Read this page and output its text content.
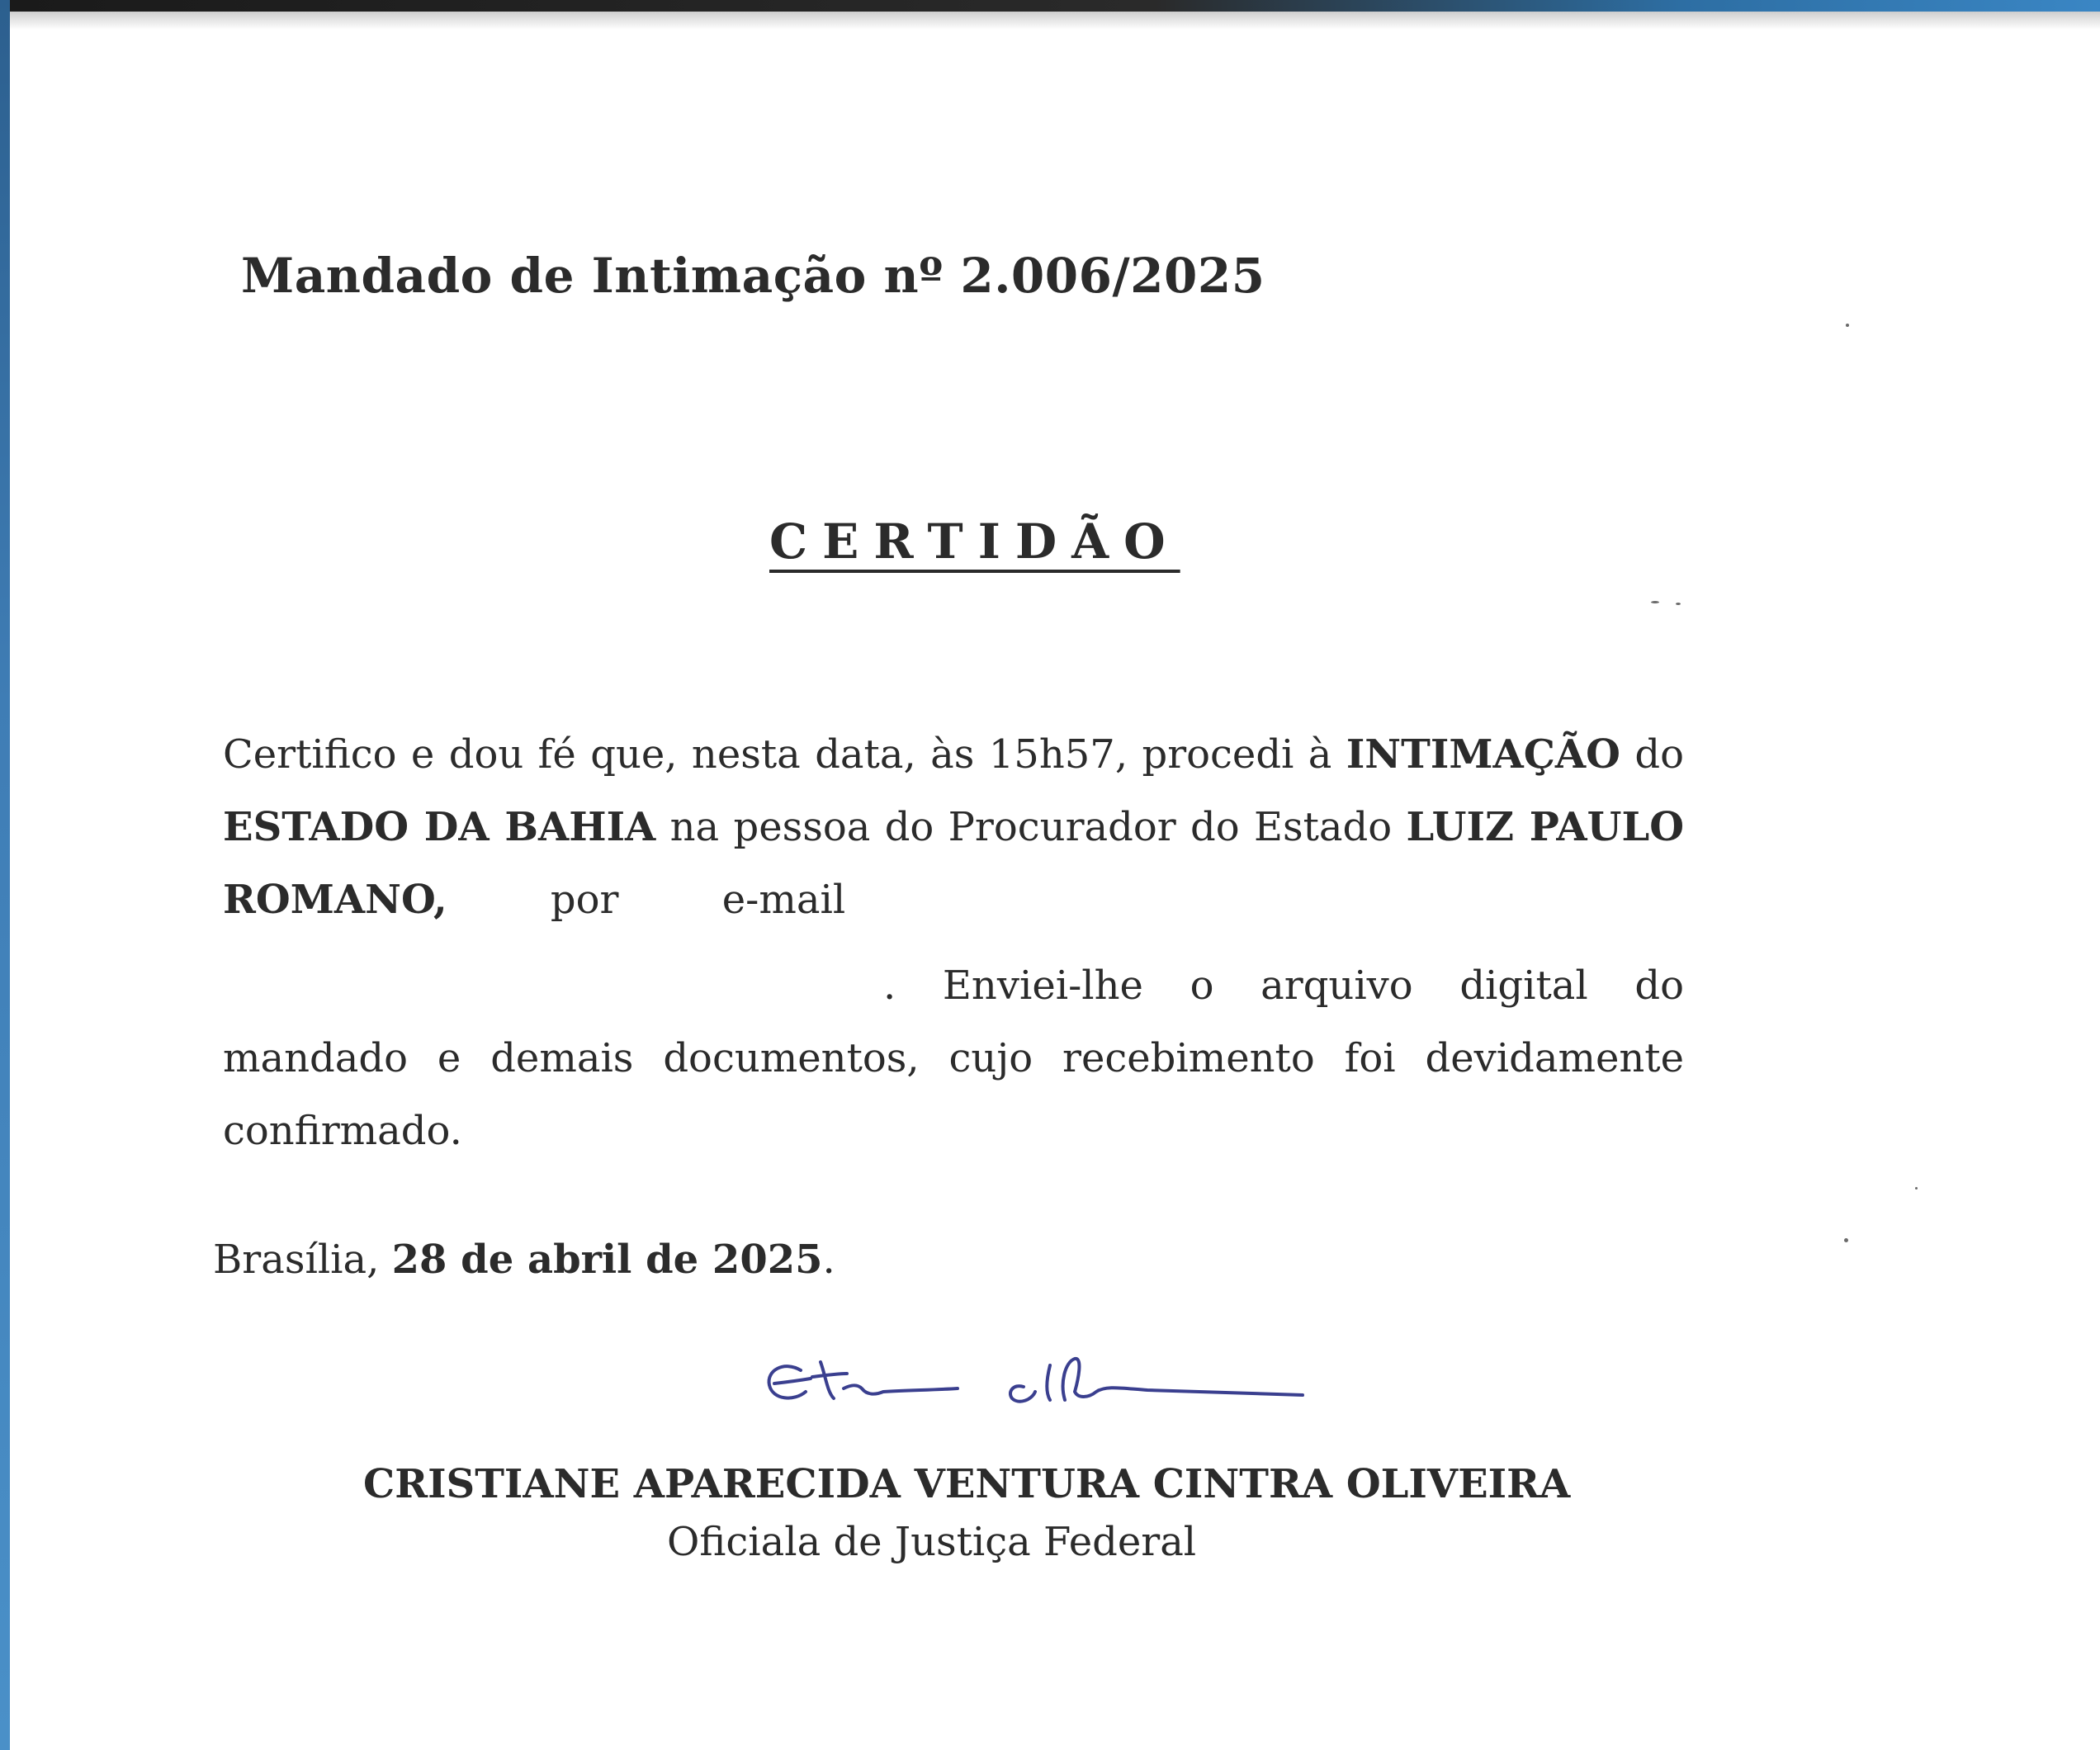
Mandado de Intimação nº 2.006/2025
CERTIDÃO
Certifico e dou fé que, nesta data, às 15h57, procedi à INTIMAÇÃO do
ESTADO DA BAHIA na pessoa do Procurador do Estado LUIZ PAULO
ROMANO, por e-mail
. Enviei-lhe o arquivo digital do
mandado e demais documentos, cujo recebimento foi devidamente
confirmado.
Brasília, 28 de abril de 2025.
CRISTIANE APARECIDA VENTURA CINTRA OLIVEIRA
Oficiala de Justiça Federal
